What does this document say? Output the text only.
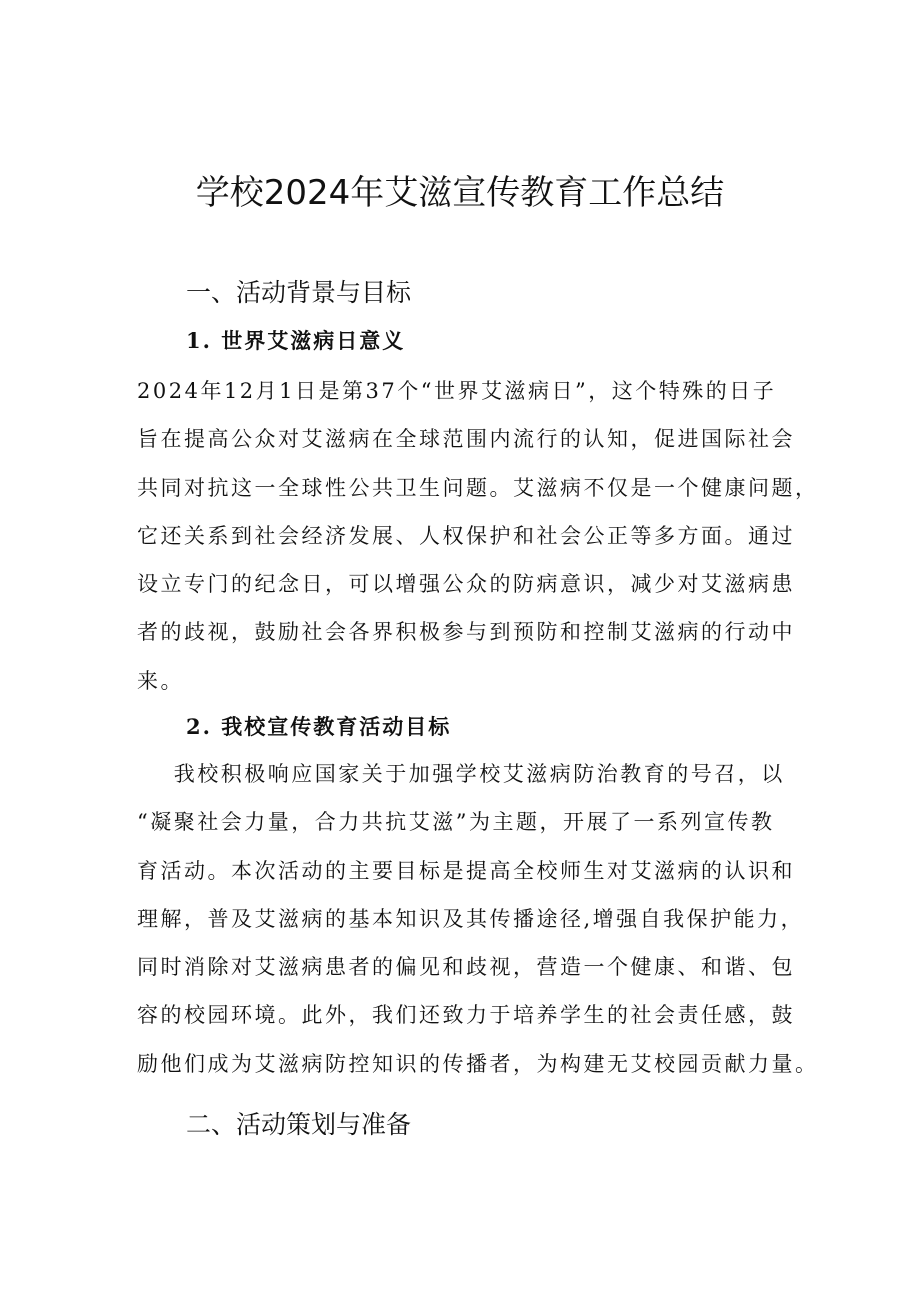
学校2024年艾滋宣传教育工作总结
一、活动背景与目标
1. 世界艾滋病日意义
2024年12月1日是第37个“世界艾滋病日”，这个特殊的日子
旨在提高公众对艾滋病在全球范围内流行的认知，促进国际社会
共同对抗这一全球性公共卫生问题。艾滋病不仅是一个健康问题，
它还关系到社会经济发展、人权保护和社会公正等多方面。通过
设立专门的纪念日，可以增强公众的防病意识，减少对艾滋病患
者的歧视，鼓励社会各界积极参与到预防和控制艾滋病的行动中
来。
2. 我校宣传教育活动目标
我校积极响应国家关于加强学校艾滋病防治教育的号召，以
“凝聚社会力量，合力共抗艾滋”为主题，开展了一系列宣传教
育活动。本次活动的主要目标是提高全校师生对艾滋病的认识和
理解，普及艾滋病的基本知识及其传播途径,增强自我保护能力，
同时消除对艾滋病患者的偏见和歧视，营造一个健康、和谐、包
容的校园环境。此外，我们还致力于培养学生的社会责任感，鼓
励他们成为艾滋病防控知识的传播者，为构建无艾校园贡献力量。
二、活动策划与准备
